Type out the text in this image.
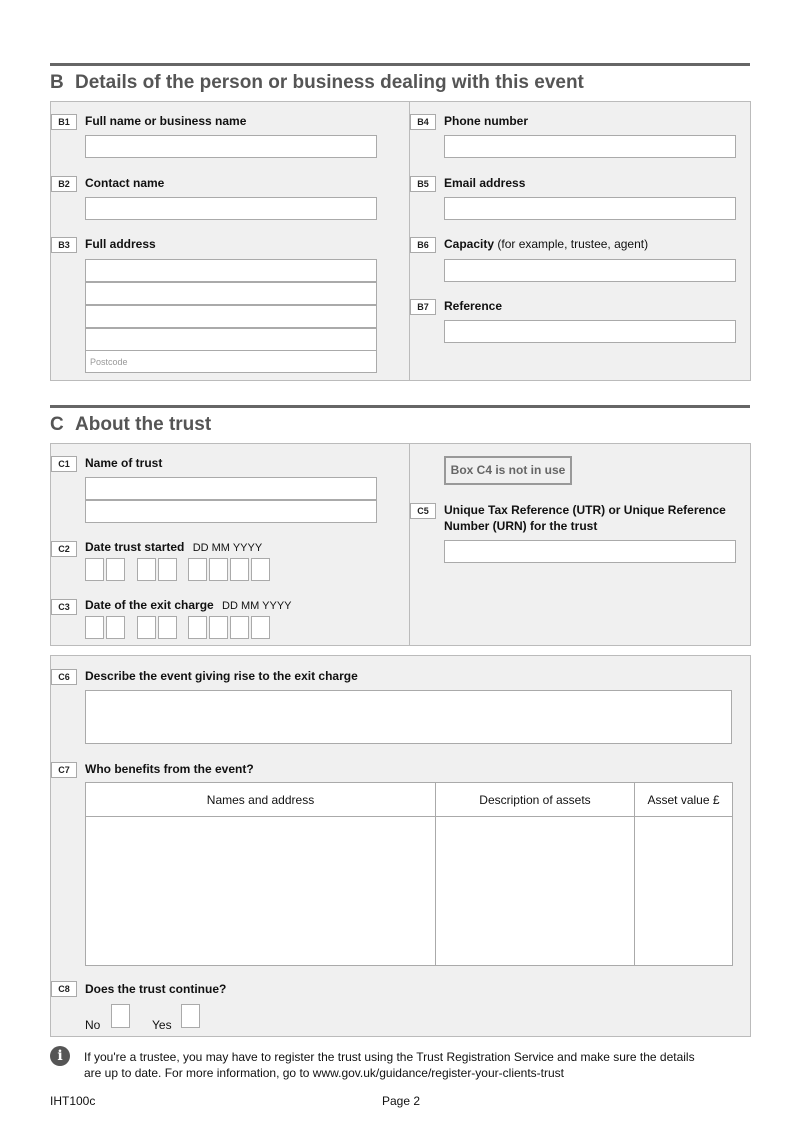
B Details of the person or business dealing with this event
B1	Full name or business name
B2	Contact name
B3	Full address
Postcode
B4	Phone number
B5	Email address
B6	Capacity (for example, trustee, agent)
B7	Reference
C About the trust
C1	Name of trust
C2	Date trust started DD MM YYYY
C3	Date of the exit charge DD MM YYYY
Box C4 is not in use
C5	Unique Tax Reference (UTR) or Unique Reference Number (URN) for the trust
C6	Describe the event giving rise to the exit charge
C7	Who benefits from the event?
Names and address	Description of assets	Asset value £

C8	Does the trust continue?
No	Yes
i	If you're a trustee, you may have to register the trust using the Trust Registration Service and make sure the details are up to date. For more information, go to www.gov.uk/guidance/register-your-clients-trust
IHT100c	Page 2
